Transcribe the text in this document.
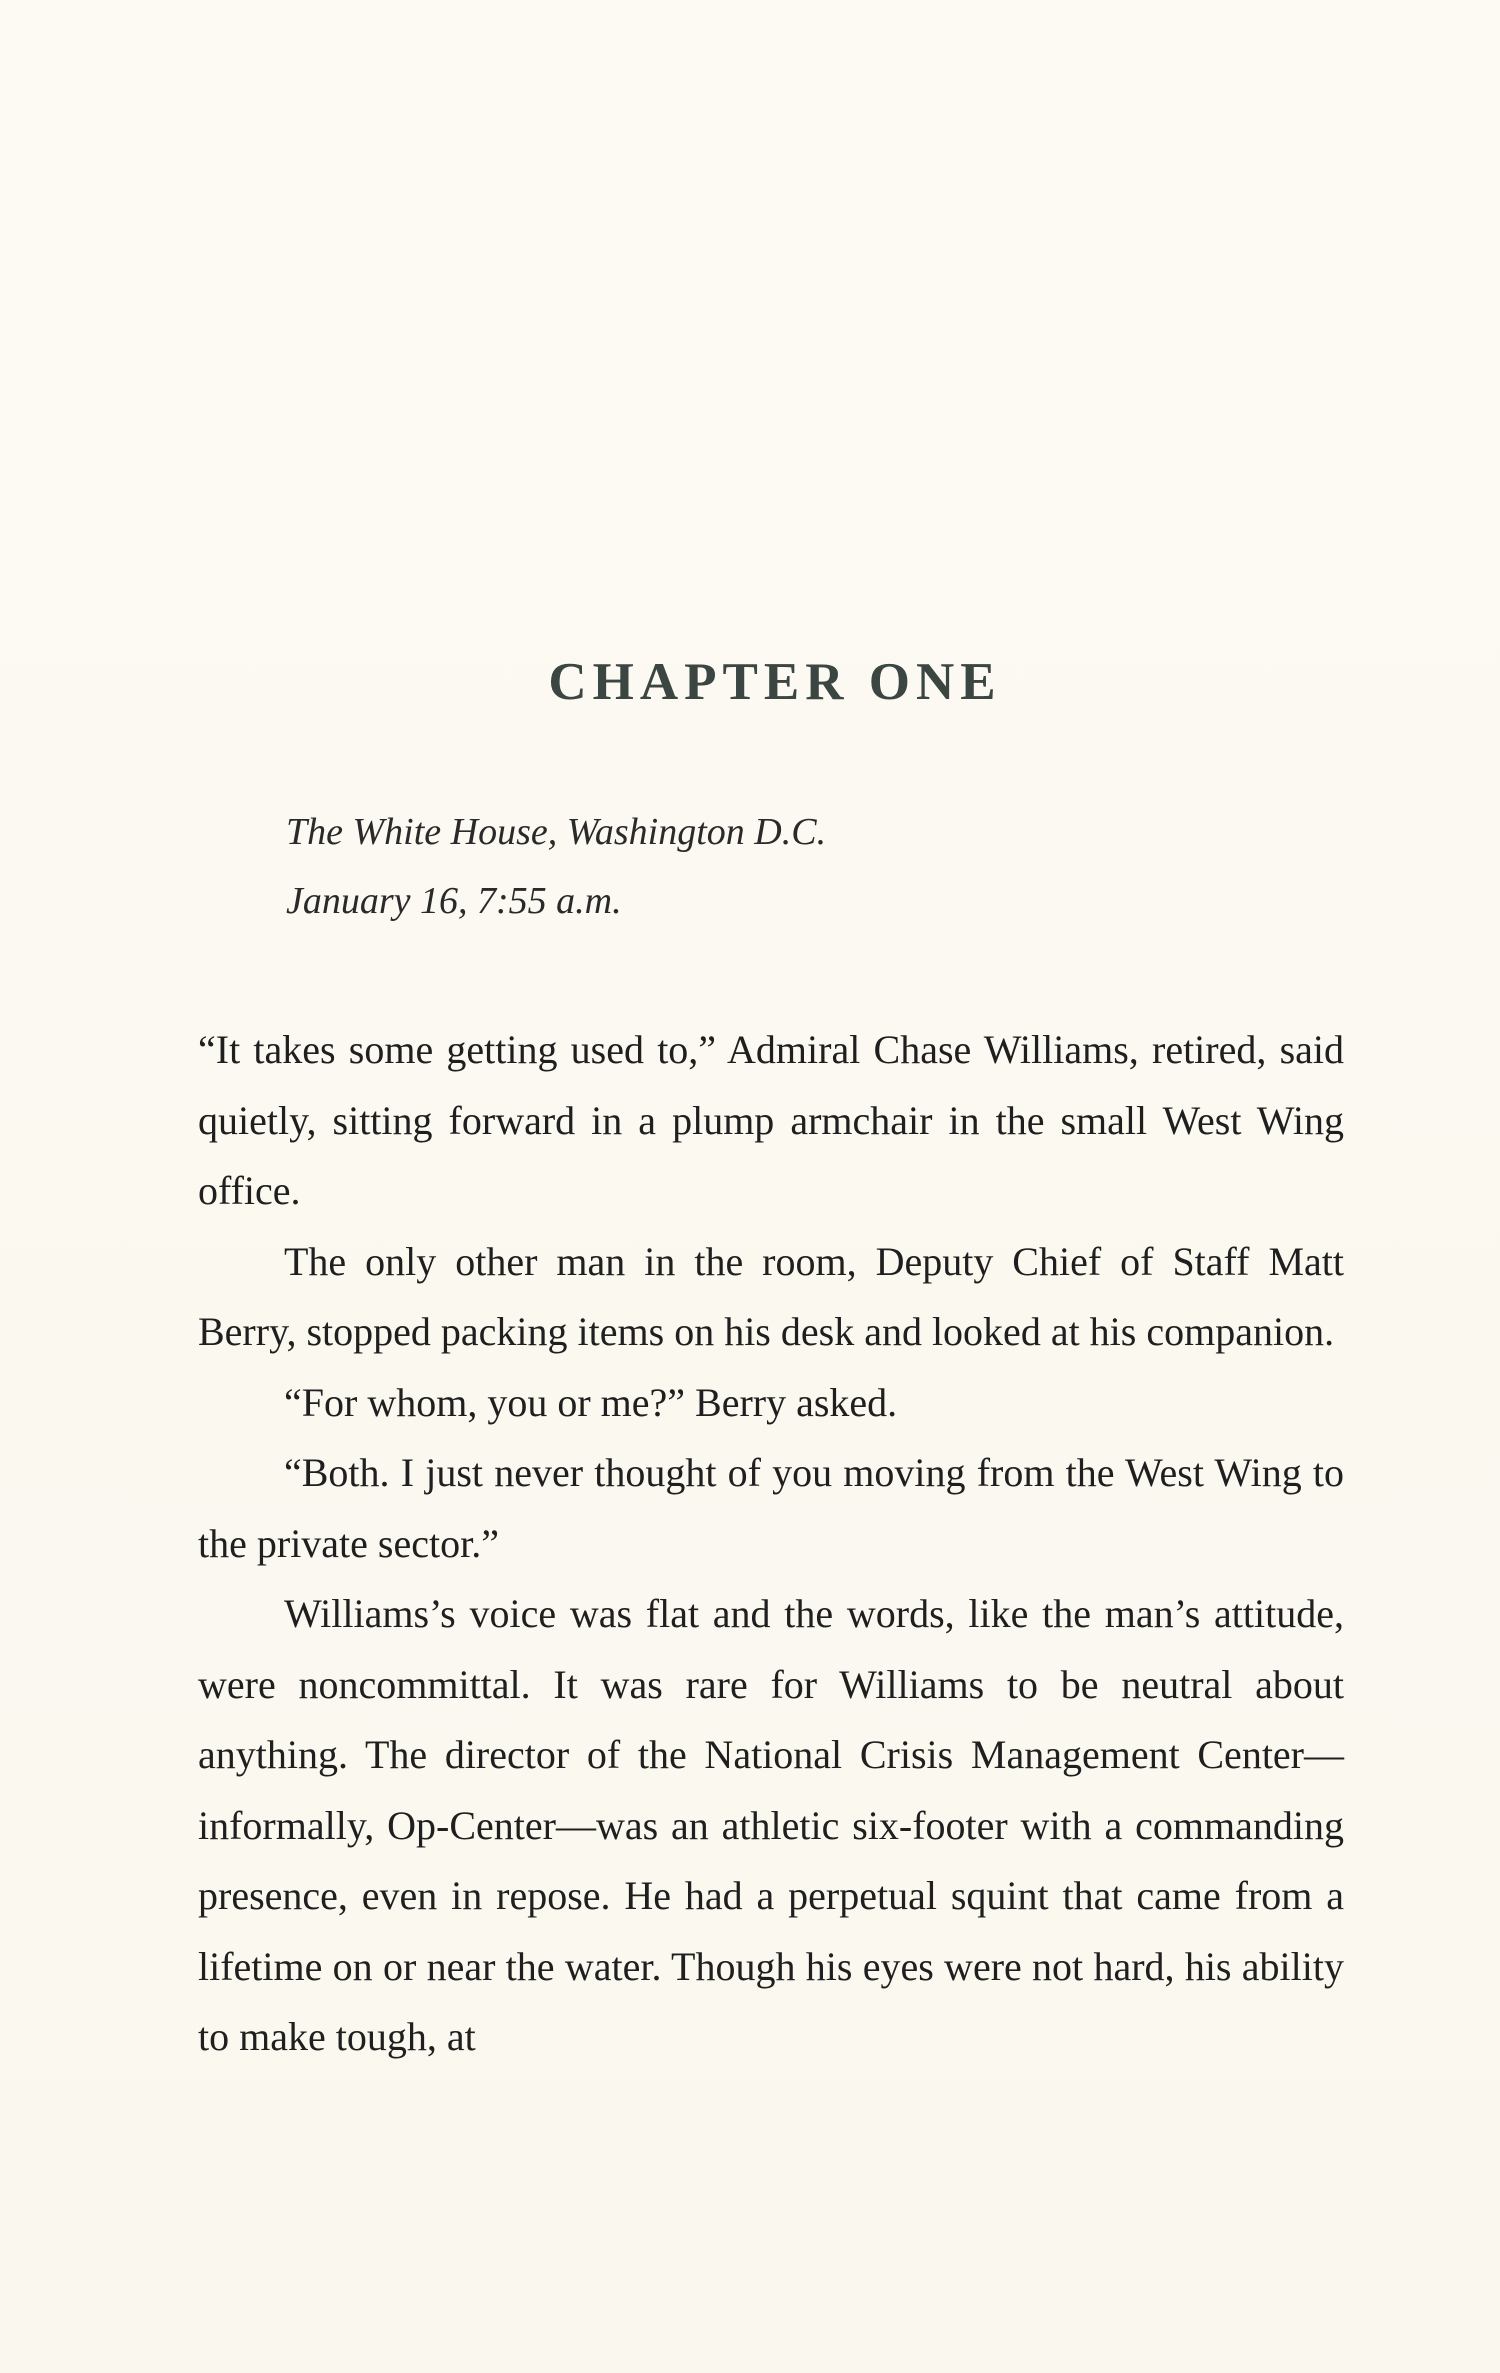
CHAPTER ONE
The White House, Washington D.C.
January 16, 7:55 a.m.

“It takes some getting used to,” Admiral Chase Williams, retired, said quietly, sitting forward in a plump armchair in the small West Wing office.

The only other man in the room, Deputy Chief of Staff Matt Berry, stopped packing items on his desk and looked at his companion.

“For whom, you or me?” Berry asked.

“Both. I just never thought of you moving from the West Wing to the private sector.”

Williams’s voice was flat and the words, like the man’s attitude, were noncommittal. It was rare for Williams to be neutral about anything. The director of the National Crisis Management Center—informally, Op-Center—was an athletic six-footer with a commanding presence, even in repose. He had a perpetual squint that came from a lifetime on or near the water. Though his eyes were not hard, his ability to make tough, at
